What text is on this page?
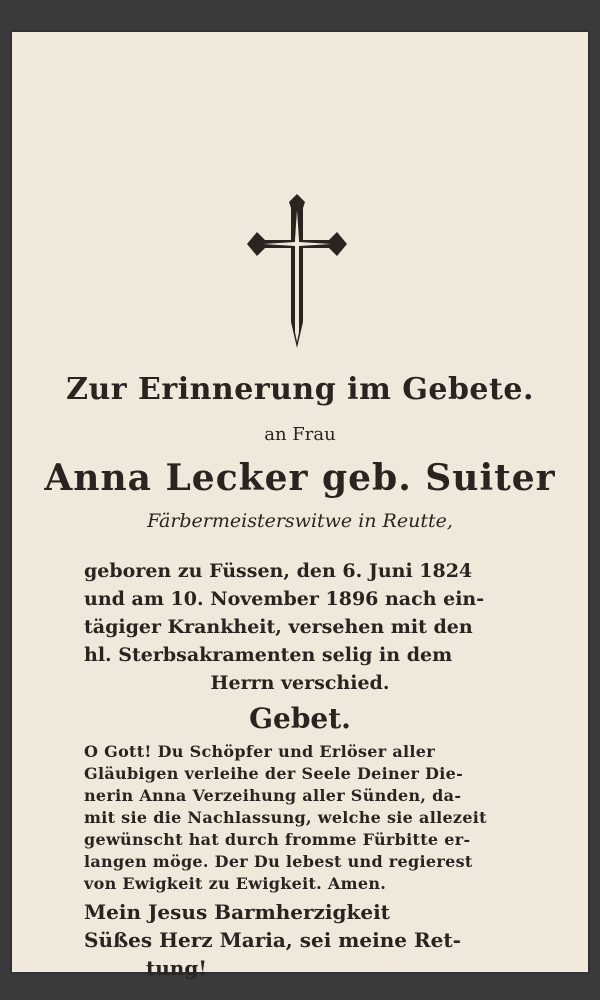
Zur Erinnerung im Gebete.
an Frau
Anna Lecker geb. Suiter
Färbermeisterswitwe in Reutte,
geboren zu Füssen, den 6. Juni 1824
und am 10. November 1896 nach ein-
tägiger Krankheit, versehen mit den
hl. Sterbsakramenten selig in dem
Herrn verschied.
Gebet.
O Gott! Du Schöpfer und Erlöser aller
Gläubigen verleihe der Seele Deiner Die-
nerin Anna Verzeihung aller Sünden, da-
mit sie die Nachlassung, welche sie allezeit
gewünscht hat durch fromme Fürbitte er-
langen möge. Der Du lebest und regierest
von Ewigkeit zu Ewigkeit. Amen.
Mein Jesus Barmherzigkeit
Süßes Herz Maria, sei meine Ret-
tung!
